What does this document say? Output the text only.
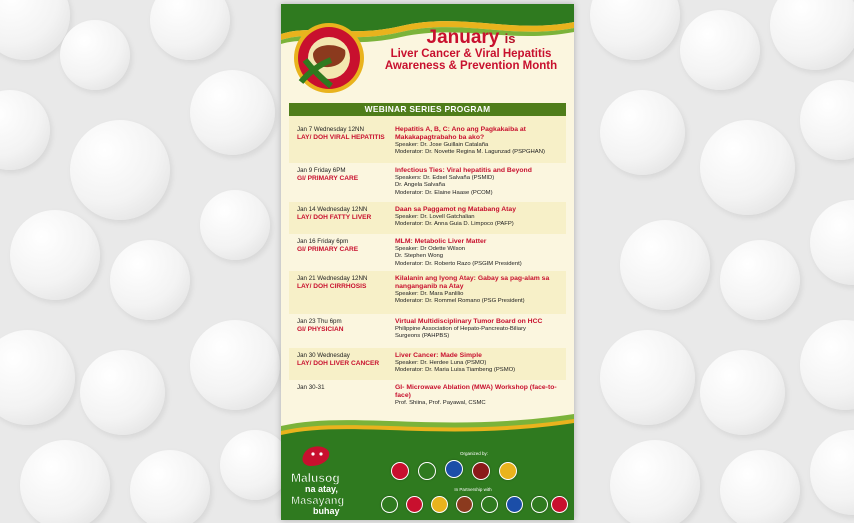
January is
Liver Cancer & Viral Hepatitis
Awareness & Prevention Month
WEBINAR SERIES PROGRAM
Jan 7 Wednesday 12NN
LAY/ DOH VIRAL HEPATITIS
Hepatitis A, B, C: Ano ang Pagkakaiba at Makakapagtrabaho ba ako?
Speaker: Dr. Jose Guillain Catalaña
Moderator: Dr. Novette Regina M. Lagunzad (PSPGHAN)
Jan 9 Friday 6PM
GI/ PRIMARY CARE
Infectious Ties: Viral hepatitis and Beyond
Speakers: Dr. Edsel Salvaña (PSMID)
Dr. Angela Salvaña
Moderator: Dr. Elaine Haase (PCOM)
Jan 14 Wednesday 12NN
LAY/ DOH FATTY LIVER
Daan sa Paggamot ng Matabang Atay
Speaker: Dr. Lovell Gatchalian
Moderator: Dr. Anna Guia D. Limpoco (PAFP)
Jan 16 Friday 6pm
GI/ PRIMARY CARE
MLM: Metabolic Liver Matter
Speaker: Dr Odette Wilson
Dr. Stephen Wong
Moderator: Dr. Roberto Razo (PSGIM President)
Jan 21 Wednesday 12NN
LAY/ DOH CIRRHOSIS
Kilalanin ang Iyong Atay: Gabay sa pag-alam sa nanganganib na Atay
Speaker: Dr. Mara Panlilio
Moderator: Dr. Rommel Romano (PSG President)
Jan 23 Thu 6pm
GI/ PHYSICIAN
Virtual Multidisciplinary Tumor Board on HCC
Philippine Association of Hepato-Pancreato-Biliary
Surgeons (PAHPBS)
Jan 30 Wednesday
LAY/ DOH LIVER CANCER
Liver Cancer: Made Simple
Speaker: Dr. Herdee Luna (PSMO)
Moderator: Dr. Maria Luisa Tiambeng (PSMO)
Jan 30-31	GI- Microwave Ablation (MWA) Workshop (face-to-face)
Prof. Shiina, Prof. Payawal, CSMC
Malusog
na atay,
Masayang
buhay
Organized by:
In Partnership with
